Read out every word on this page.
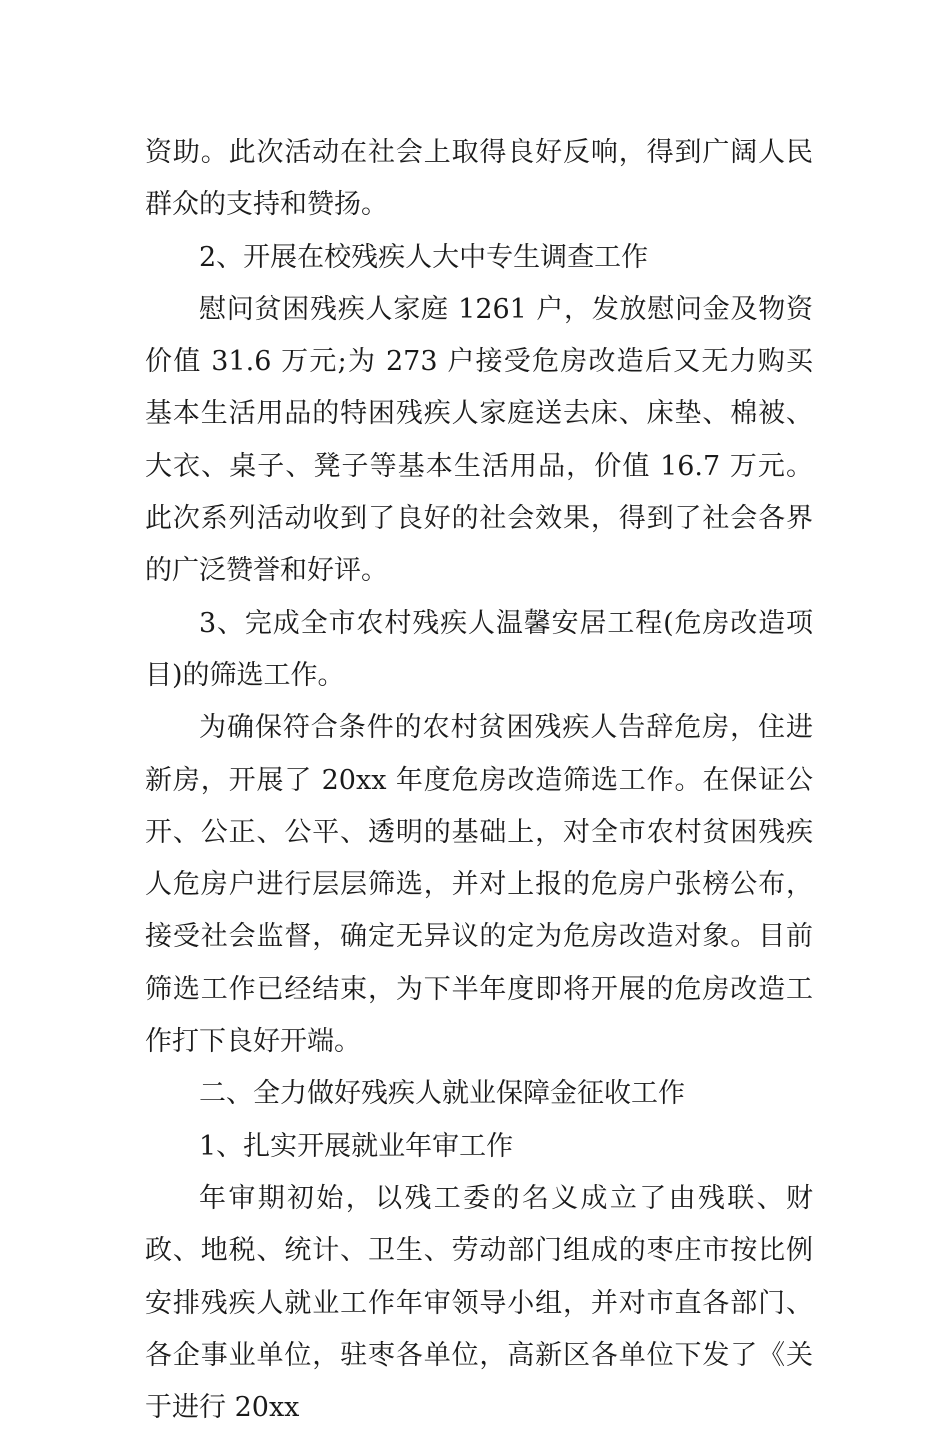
资助。此次活动在社会上取得良好反响，得到广阔人民群众的支持和赞扬。

2、开展在校残疾人大中专生调查工作

慰问贫困残疾人家庭 1261 户，发放慰问金及物资价值 31.6 万元;为 273 户接受危房改造后又无力购买基本生活用品的特困残疾人家庭送去床、床垫、棉被、大衣、桌子、凳子等基本生活用品，价值 16.7 万元。此次系列活动收到了良好的社会效果，得到了社会各界的广泛赞誉和好评。

3、完成全市农村残疾人温馨安居工程(危房改造项目)的筛选工作。

为确保符合条件的农村贫困残疾人告辞危房，住进新房，开展了 20xx 年度危房改造筛选工作。在保证公开、公正、公平、透明的基础上，对全市农村贫困残疾人危房户进行层层筛选，并对上报的危房户张榜公布，接受社会监督，确定无异议的定为危房改造对象。目前筛选工作已经结束，为下半年度即将开展的危房改造工作打下良好开端。

二、全力做好残疾人就业保障金征收工作

1、扎实开展就业年审工作

年审期初始，以残工委的名义成立了由残联、财政、地税、统计、卫生、劳动部门组成的枣庄市按比例安排残疾人就业工作年审领导小组，并对市直各部门、各企事业单位，驻枣各单位，高新区各单位下发了《关于进行 20xx
